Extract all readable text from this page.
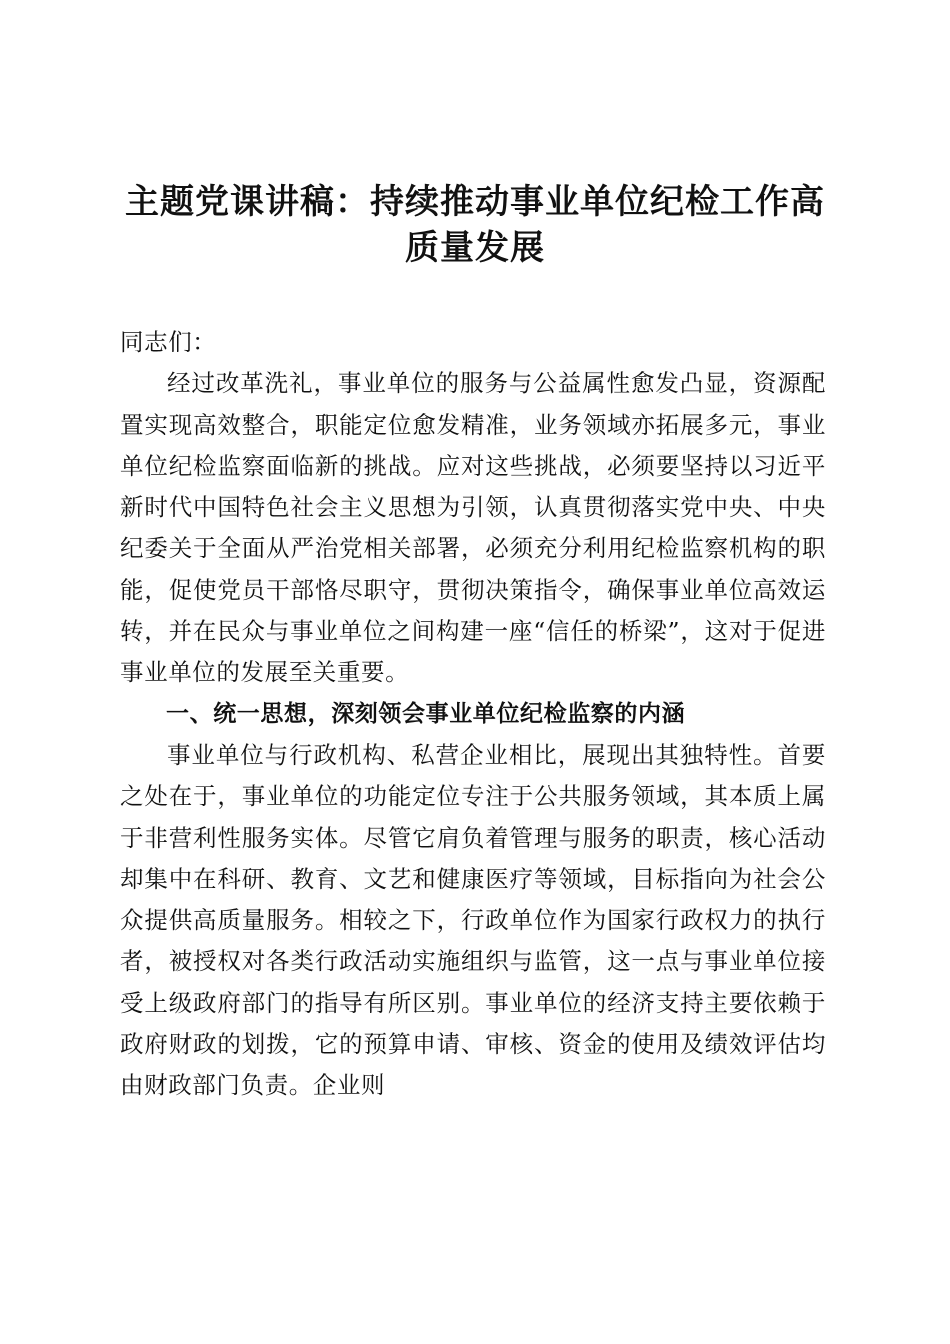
主题党课讲稿：持续推动事业单位纪检工作高质量发展

同志们：

经过改革洗礼，事业单位的服务与公益属性愈发凸显，资源配置实现高效整合，职能定位愈发精准，业务领域亦拓展多元，事业单位纪检监察面临新的挑战。应对这些挑战，必须要坚持以习近平新时代中国特色社会主义思想为引领，认真贯彻落实党中央、中央纪委关于全面从严治党相关部署，必须充分利用纪检监察机构的职能，促使党员干部恪尽职守，贯彻决策指令，确保事业单位高效运转，并在民众与事业单位之间构建一座“信任的桥梁”，这对于促进事业单位的发展至关重要。

一、统一思想，深刻领会事业单位纪检监察的内涵

事业单位与行政机构、私营企业相比，展现出其独特性。首要之处在于，事业单位的功能定位专注于公共服务领域，其本质上属于非营利性服务实体。尽管它肩负着管理与服务的职责，核心活动却集中在科研、教育、文艺和健康医疗等领域，目标指向为社会公众提供高质量服务。相较之下，行政单位作为国家行政权力的执行者，被授权对各类行政活动实施组织与监管，这一点与事业单位接受上级政府部门的指导有所区别。事业单位的经济支持主要依赖于政府财政的划拨，它的预算申请、审核、资金的使用及绩效评估均由财政部门负责。企业则
